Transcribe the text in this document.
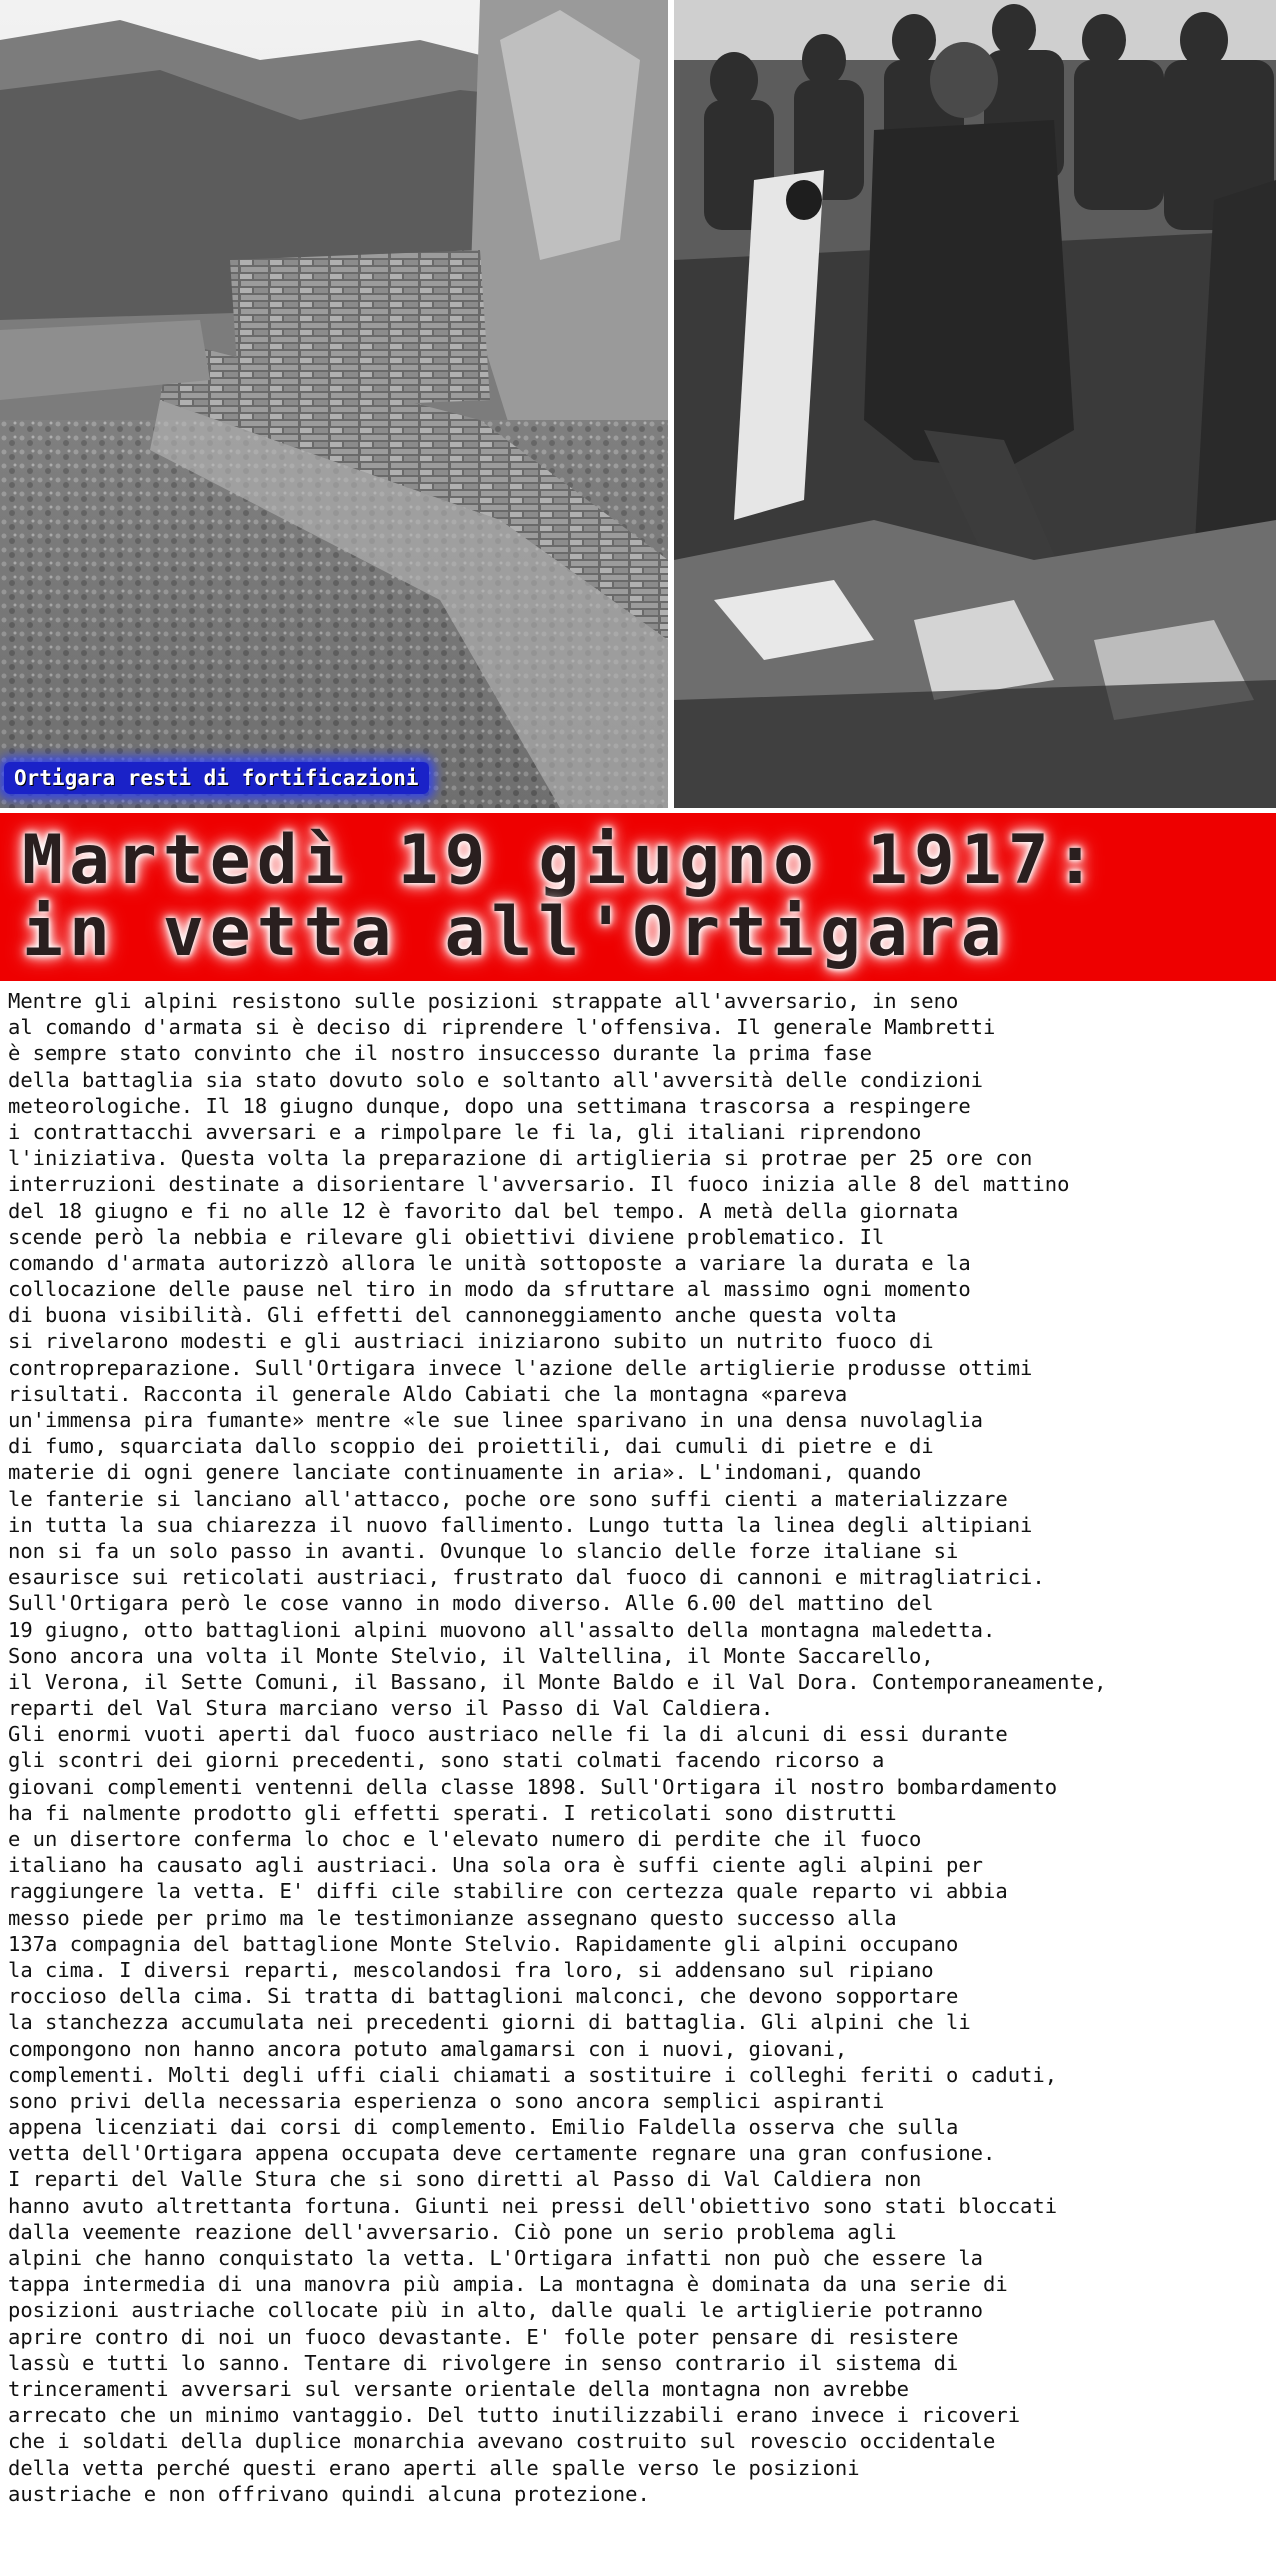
Ortigara resti di fortificazioni
Martedì 19 giugno 1917:
in vetta all'Ortigara
Mentre gli alpini resistono sulle posizioni strappate all'avversario, in seno
al comando d'armata si è deciso di riprendere l'offensiva. Il generale Mambretti
è sempre stato convinto che il nostro insuccesso durante la prima fase
della battaglia sia stato dovuto solo e soltanto all'avversità delle condizioni
meteorologiche. Il 18 giugno dunque, dopo una settimana trascorsa a respingere
i contrattacchi avversari e a rimpolpare le fi la, gli italiani riprendono
l'iniziativa. Questa volta la preparazione di artiglieria si protrae per 25 ore con
interruzioni destinate a disorientare l'avversario. Il fuoco inizia alle 8 del mattino
del 18 giugno e fi no alle 12 è favorito dal bel tempo. A metà della giornata
scende però la nebbia e rilevare gli obiettivi diviene problematico. Il
comando d'armata autorizzò allora le unità sottoposte a variare la durata e la
collocazione delle pause nel tiro in modo da sfruttare al massimo ogni momento
di buona visibilità. Gli effetti del cannoneggiamento anche questa volta
si rivelarono modesti e gli austriaci iniziarono subito un nutrito fuoco di
contropreparazione. Sull'Ortigara invece l'azione delle artiglierie produsse ottimi
risultati. Racconta il generale Aldo Cabiati che la montagna «pareva
un'immensa pira fumante» mentre «le sue linee sparivano in una densa nuvolaglia
di fumo, squarciata dallo scoppio dei proiettili, dai cumuli di pietre e di
materie di ogni genere lanciate continuamente in aria». L'indomani, quando
le fanterie si lanciano all'attacco, poche ore sono suffi cienti a materializzare
in tutta la sua chiarezza il nuovo fallimento. Lungo tutta la linea degli altipiani
non si fa un solo passo in avanti. Ovunque lo slancio delle forze italiane si
esaurisce sui reticolati austriaci, frustrato dal fuoco di cannoni e mitragliatrici.
Sull'Ortigara però le cose vanno in modo diverso. Alle 6.00 del mattino del
19 giugno, otto battaglioni alpini muovono all'assalto della montagna maledetta.
Sono ancora una volta il Monte Stelvio, il Valtellina, il Monte Saccarello,
il Verona, il Sette Comuni, il Bassano, il Monte Baldo e il Val Dora. Contemporaneamente,
reparti del Val Stura marciano verso il Passo di Val Caldiera.
Gli enormi vuoti aperti dal fuoco austriaco nelle fi la di alcuni di essi durante
gli scontri dei giorni precedenti, sono stati colmati facendo ricorso a
giovani complementi ventenni della classe 1898. Sull'Ortigara il nostro bombardamento
ha fi nalmente prodotto gli effetti sperati. I reticolati sono distrutti
e un disertore conferma lo choc e l'elevato numero di perdite che il fuoco
italiano ha causato agli austriaci. Una sola ora è suffi ciente agli alpini per
raggiungere la vetta. E' diffi cile stabilire con certezza quale reparto vi abbia
messo piede per primo ma le testimonianze assegnano questo successo alla
137a compagnia del battaglione Monte Stelvio. Rapidamente gli alpini occupano
la cima. I diversi reparti, mescolandosi fra loro, si addensano sul ripiano
roccioso della cima. Si tratta di battaglioni malconci, che devono sopportare
la stanchezza accumulata nei precedenti giorni di battaglia. Gli alpini che li
compongono non hanno ancora potuto amalgamarsi con i nuovi, giovani,
complementi. Molti degli uffi ciali chiamati a sostituire i colleghi feriti o caduti,
sono privi della necessaria esperienza o sono ancora semplici aspiranti
appena licenziati dai corsi di complemento. Emilio Faldella osserva che sulla
vetta dell'Ortigara appena occupata deve certamente regnare una gran confusione.
I reparti del Valle Stura che si sono diretti al Passo di Val Caldiera non
hanno avuto altrettanta fortuna. Giunti nei pressi dell'obiettivo sono stati bloccati
dalla veemente reazione dell'avversario. Ciò pone un serio problema agli
alpini che hanno conquistato la vetta. L'Ortigara infatti non può che essere la
tappa intermedia di una manovra più ampia. La montagna è dominata da una serie di
posizioni austriache collocate più in alto, dalle quali le artiglierie potranno
aprire contro di noi un fuoco devastante. E' folle poter pensare di resistere
lassù e tutti lo sanno. Tentare di rivolgere in senso contrario il sistema di
trinceramenti avversari sul versante orientale della montagna non avrebbe
arrecato che un minimo vantaggio. Del tutto inutilizzabili erano invece i ricoveri
che i soldati della duplice monarchia avevano costruito sul rovescio occidentale
della vetta perché questi erano aperti alle spalle verso le posizioni
austriache e non offrivano quindi alcuna protezione.
